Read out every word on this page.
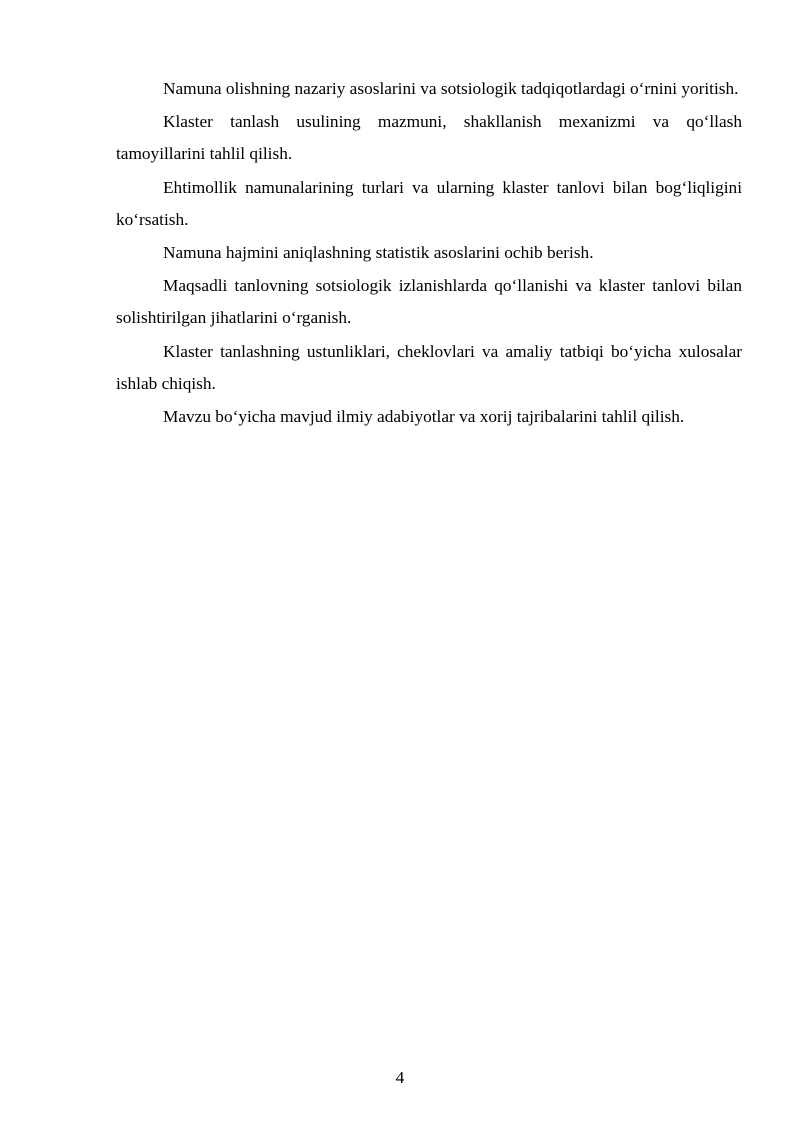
Namuna olishning nazariy asoslarini va sotsiologik tadqiqotlardagi o‘rnini yoritish.

Klaster tanlash usulining mazmuni, shakllanish mexanizmi va qo‘llash tamoyillarini tahlil qilish.

Ehtimollik namunalarining turlari va ularning klaster tanlovi bilan bog‘liqligini ko‘rsatish.

Namuna hajmini aniqlashning statistik asoslarini ochib berish.

Maqsadli tanlovning sotsiologik izlanishlarda qo‘llanishi va klaster tanlovi bilan solishtirilgan jihatlarini o‘rganish.

Klaster tanlashning ustunliklari, cheklovlari va amaliy tatbiqi bo‘yicha xulosalar ishlab chiqish.

Mavzu bo‘yicha mavjud ilmiy adabiyotlar va xorij tajribalarini tahlil qilish.

4
